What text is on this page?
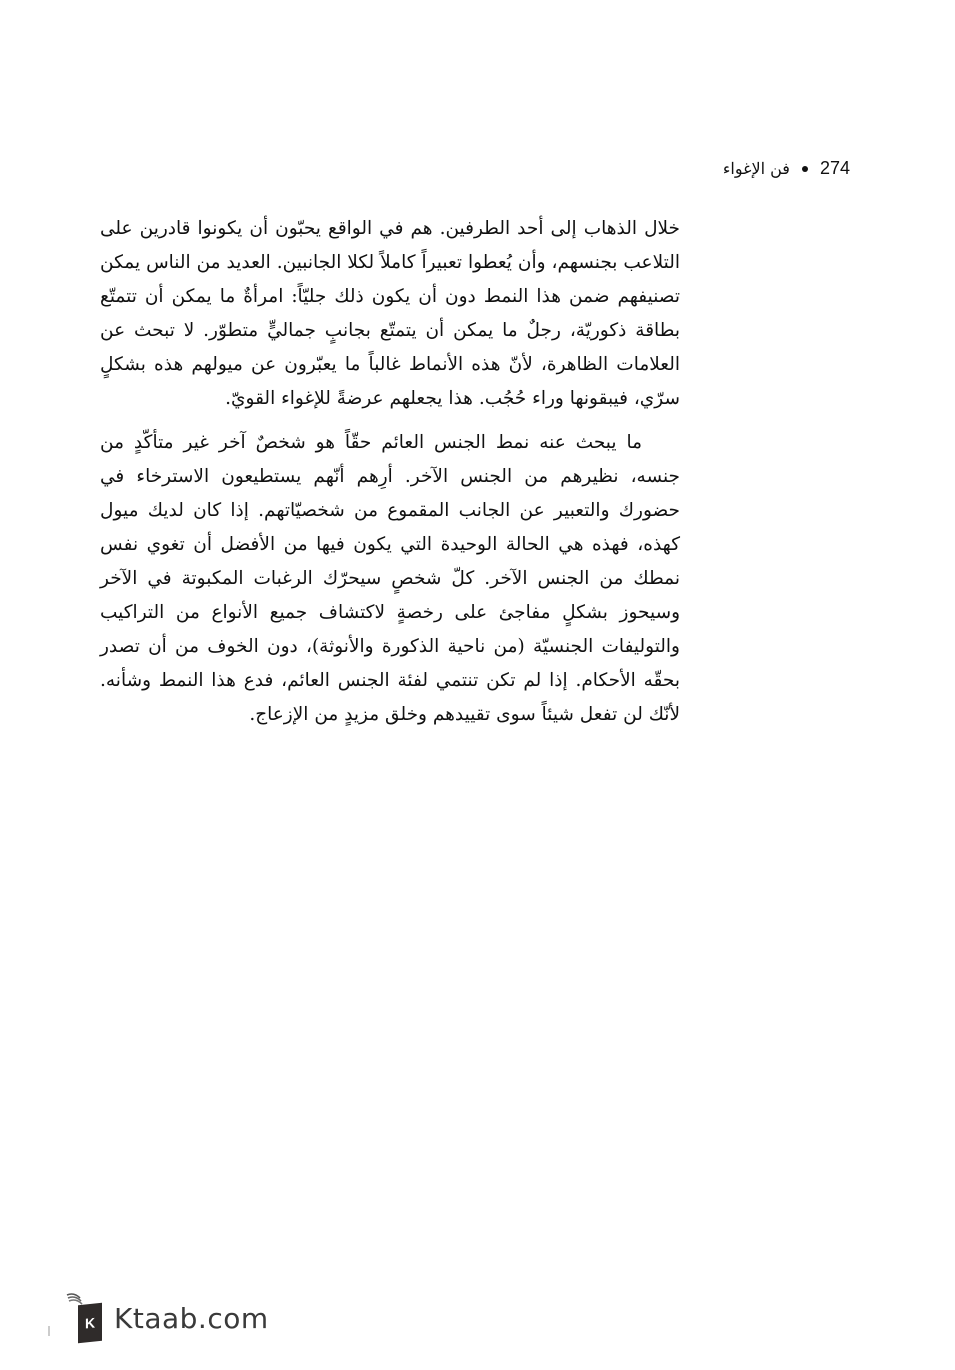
فن الإغواء 274

خلال الذهاب إلى أحد الطرفين. هم في الواقع يحبّون أن يكونوا قادرين على التلاعب بجنسهم، وأن يُعطوا تعبيراً كاملاً لكلا الجانبين. العديد من الناس يمكن تصنيفهم ضمن هذا النمط دون أن يكون ذلك جليّاً: امرأةٌ ما يمكن أن تتمتّع بطاقة ذكوريّة، رجلٌ ما يمكن أن يتمتّع بجانبٍ جماليٍّ متطوّر. لا تبحث عن العلامات الظاهرة، لأنّ هذه الأنماط غالباً ما يعبّرون عن ميولهم هذه بشكلٍ سرّي، فيبقونها وراء حُجُب. هذا يجعلهم عرضةً للإغواء القويّ.

ما يبحث عنه نمط الجنس العائم حقّاً هو شخصٌ آخر غير متأكّدٍ من جنسه، نظيرهم من الجنس الآخر. أرِهم أنّهم يستطيعون الاسترخاء في حضورك والتعبير عن الجانب المقموع من شخصيّاتهم. إذا كان لديك ميول كهذه، فهذه هي الحالة الوحيدة التي يكون فيها من الأفضل أن تغوي نفس نمطك من الجنس الآخر. كلّ شخصٍ سيحرّك الرغبات المكبوتة في الآخر وسيحوز بشكلٍ مفاجئ على رخصةٍ لاكتشاف جميع الأنواع من التراكيب والتوليفات الجنسيّة (من ناحية الذكورة والأنوثة)، دون الخوف من أن تصدر بحقّه الأحكام. إذا لم تكن تنتمي لفئة الجنس العائم، فدع هذا النمط وشأنه. لأنّك لن تفعل شيئاً سوى تقييدهم وخلق مزيدٍ من الإزعاج.

K Ktaab.com
